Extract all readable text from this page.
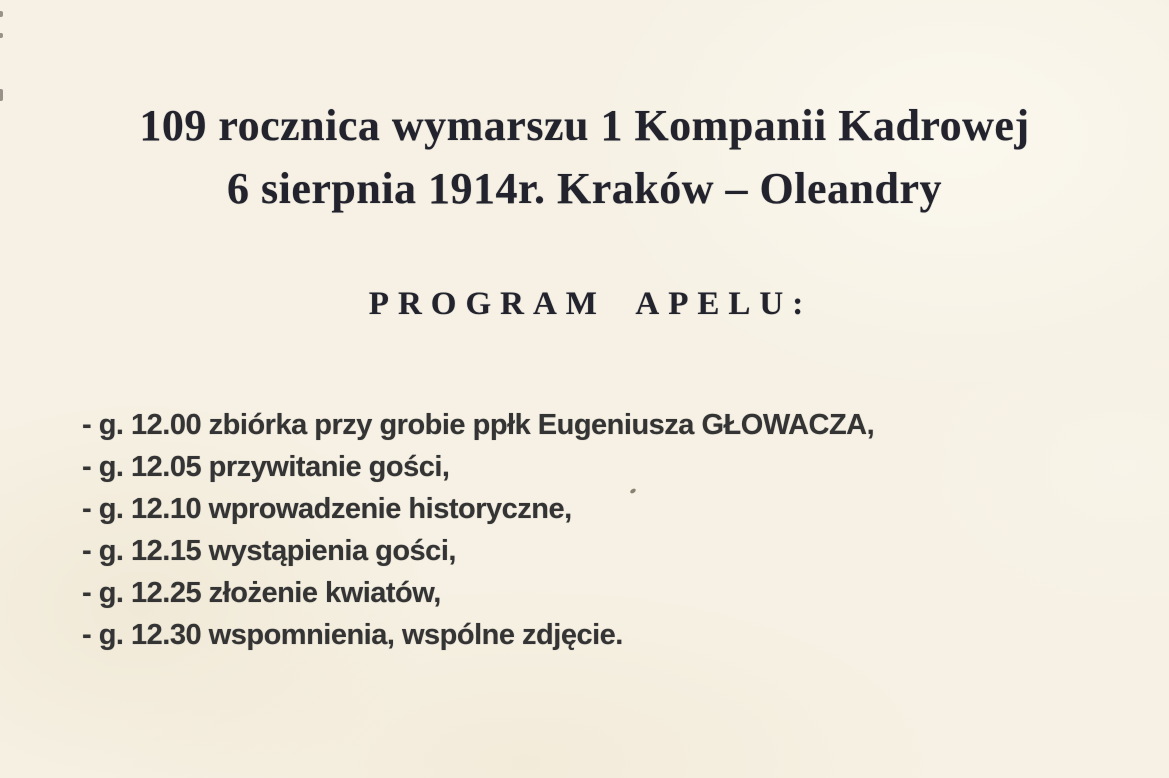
109 rocznica wymarszu 1 Kompanii Kadrowej
6 sierpnia 1914r. Kraków – Oleandry
PROGRAM APELU:
- g. 12.00 zbiórka przy grobie ppłk Eugeniusza GŁOWACZA,
- g. 12.05 przywitanie gości,
- g. 12.10 wprowadzenie historyczne,
- g. 12.15 wystąpienia gości,
- g. 12.25 złożenie kwiatów,
- g. 12.30 wspomnienia, wspólne zdjęcie.
